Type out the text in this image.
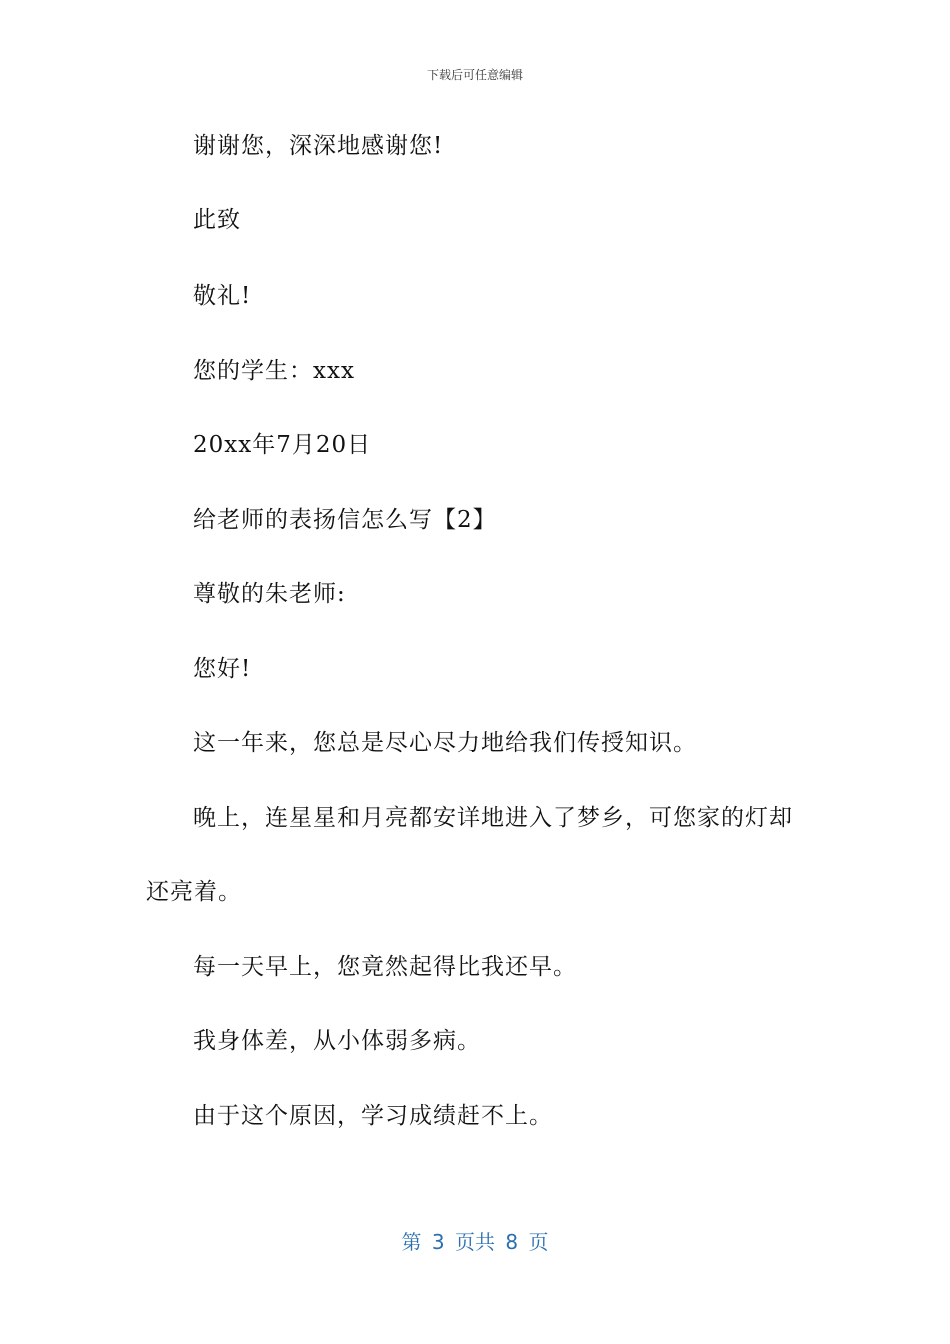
下载后可任意编辑
谢谢您，深深地感谢您!
此致
敬礼!
您的学生：xxx
20xx年7月20日
给老师的表扬信怎么写【2】
尊敬的朱老师:
您好!
这一年来，您总是尽心尽力地给我们传授知识。
晚上，连星星和月亮都安详地进入了梦乡，可您家的灯却
还亮着。
每一天早上，您竟然起得比我还早。
我身体差，从小体弱多病。
由于这个原因，学习成绩赶不上。
第 3 页共 8 页
